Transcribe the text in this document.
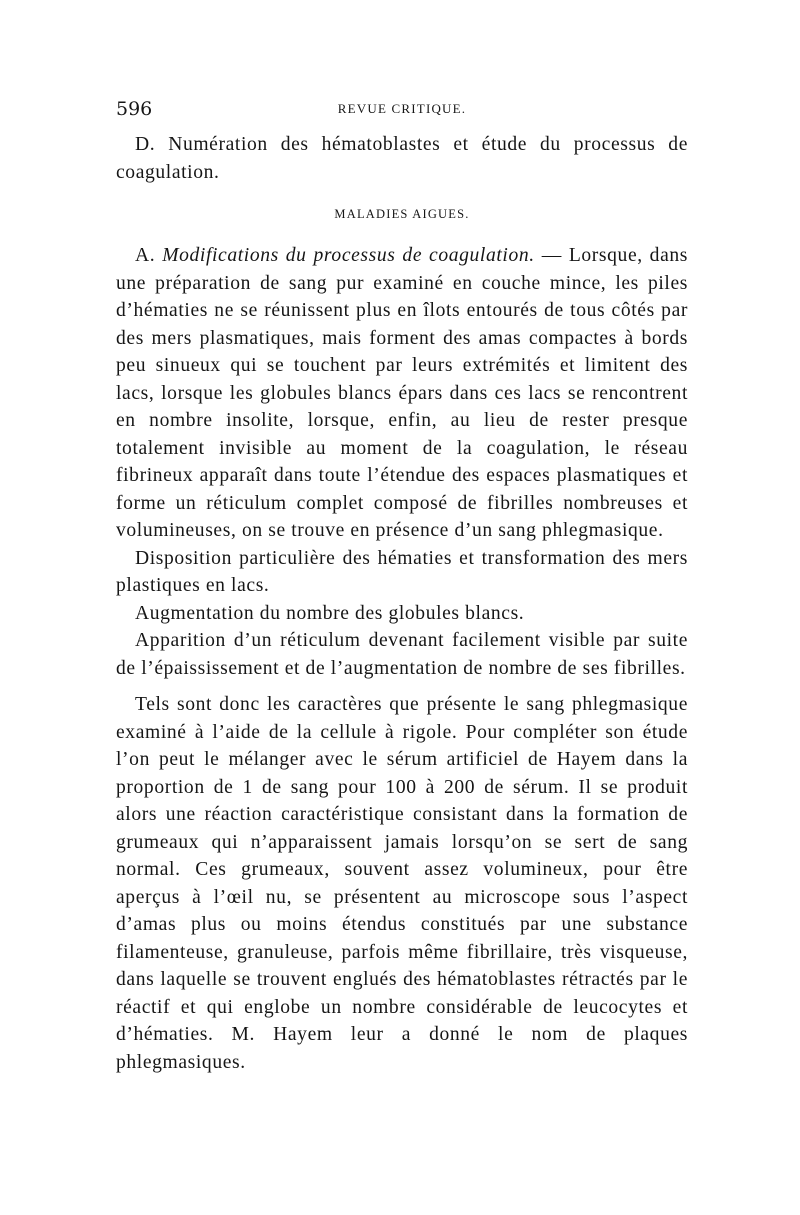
596	REVUE CRITIQUE.

D. Numération des hématoblastes et étude du processus de coagulation.

MALADIES AIGUES.

A. Modifications du processus de coagulation. — Lorsque, dans une préparation de sang pur examiné en couche mince, les piles d’hématies ne se réunissent plus en îlots entourés de tous côtés par des mers plasmatiques, mais forment des amas compactes à bords peu sinueux qui se touchent par leurs extrémités et limitent des lacs, lorsque les globules blancs épars dans ces lacs se rencontrent en nombre insolite, lorsque, enfin, au lieu de rester presque totalement invisible au moment de la coagulation, le réseau fibrineux apparaît dans toute l’étendue des espaces plasmatiques et forme un réticulum complet composé de fibrilles nombreuses et volumineuses, on se trouve en présence d’un sang phlegmasique.

Disposition particulière des hématies et transformation des mers plastiques en lacs.

Augmentation du nombre des globules blancs.

Apparition d’un réticulum devenant facilement visible par suite de l’épaississement et de l’augmentation de nombre de ses fibrilles.

Tels sont donc les caractères que présente le sang phlegmasique examiné à l’aide de la cellule à rigole. Pour compléter son étude l’on peut le mélanger avec le sérum artificiel de Hayem dans la proportion de 1 de sang pour 100 à 200 de sérum. Il se produit alors une réaction caractéristique consistant dans la formation de grumeaux qui n’apparaissent jamais lorsqu’on se sert de sang normal. Ces grumeaux, souvent assez volumineux, pour être aperçus à l’œil nu, se présentent au microscope sous l’aspect d’amas plus ou moins étendus constitués par une substance filamenteuse, granuleuse, parfois même fibrillaire, très visqueuse, dans laquelle se trouvent englués des hématoblastes rétractés par le réactif et qui englobe un nombre considérable de leucocytes et d’hématies. M. Hayem leur a donné le nom de plaques phlegmasiques.
